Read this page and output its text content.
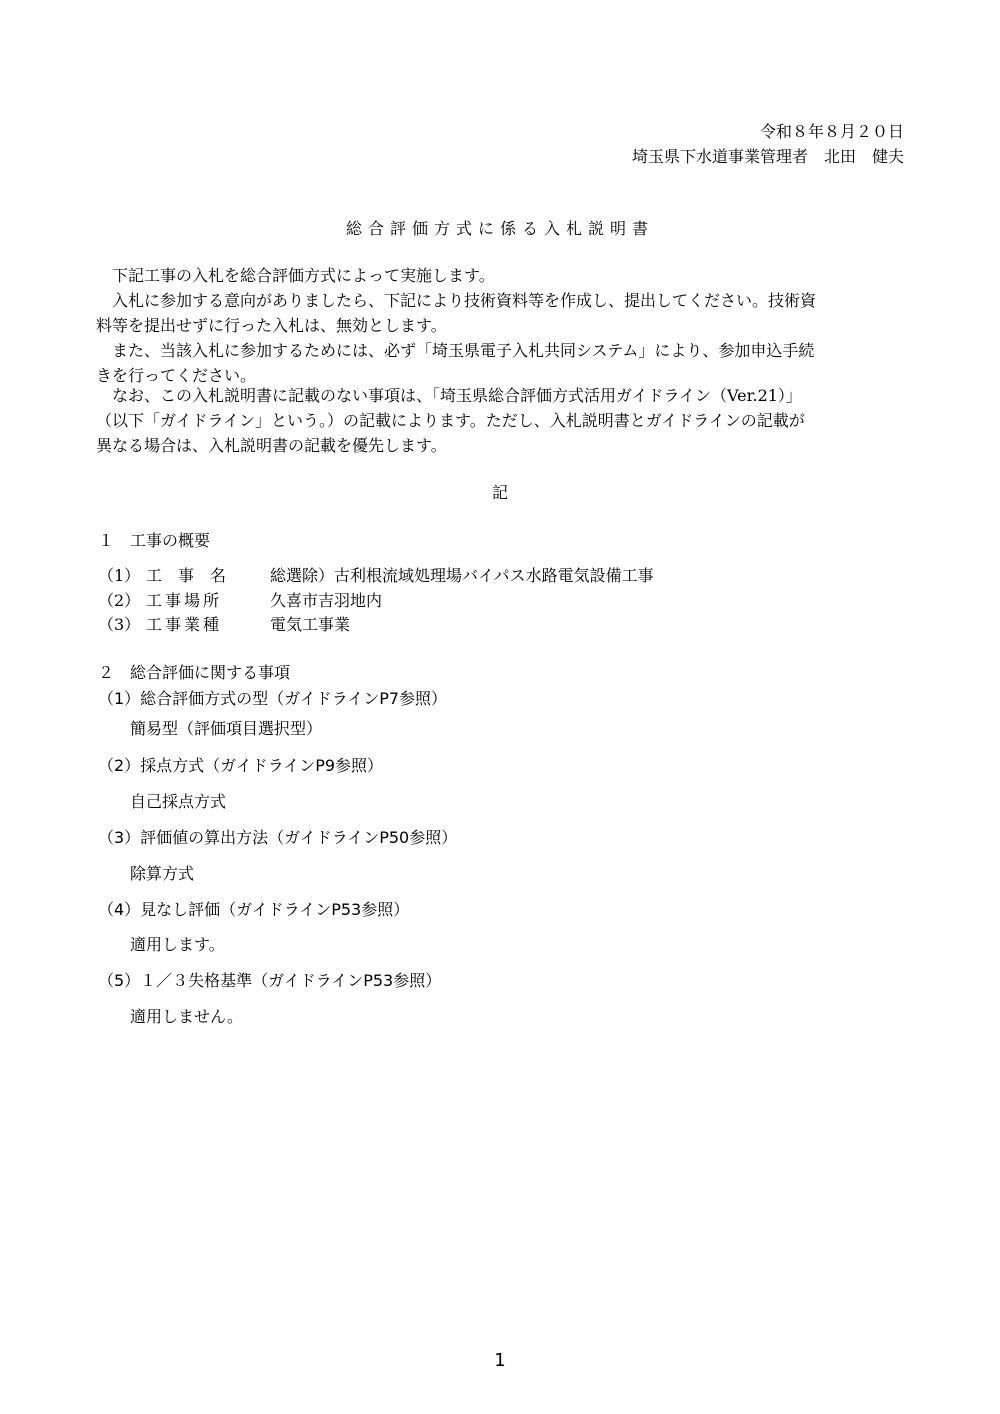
令和８年８月２０日
埼玉県下水道事業管理者　北田　健夫
総合評価方式に係る入札説明書
下記工事の入札を総合評価方式によって実施します。
入札に参加する意向がありましたら、下記により技術資料等を作成し、提出してください。技術資
料等を提出せずに行った入札は、無効とします。
また、当該入札に参加するためには、必ず「埼玉県電子入札共同システム」により、参加申込手続
きを行ってください。
なお、この入札説明書に記載のない事項は、「埼玉県総合評価方式活用ガイドライン（Ver.21）」
（以下「ガイドライン」という。）の記載によります。ただし、入札説明書とガイドラインの記載が
異なる場合は、入札説明書の記載を優先します。
記
１　工事の概要
（1） 工　事　名	総選除）古利根流域処理場バイパス水路電気設備工事
（2） 工事場所	久喜市吉羽地内
（3） 工事業種	電気工事業
２　総合評価に関する事項
（1）総合評価方式の型（ガイドラインP7参照）
簡易型（評価項目選択型）
（2）採点方式（ガイドラインP9参照）
自己採点方式
（3）評価値の算出方法（ガイドラインP50参照）
除算方式
（4）見なし評価（ガイドラインP53参照）
適用します。
（5）１／３失格基準（ガイドラインP53参照）
適用しません。
1
